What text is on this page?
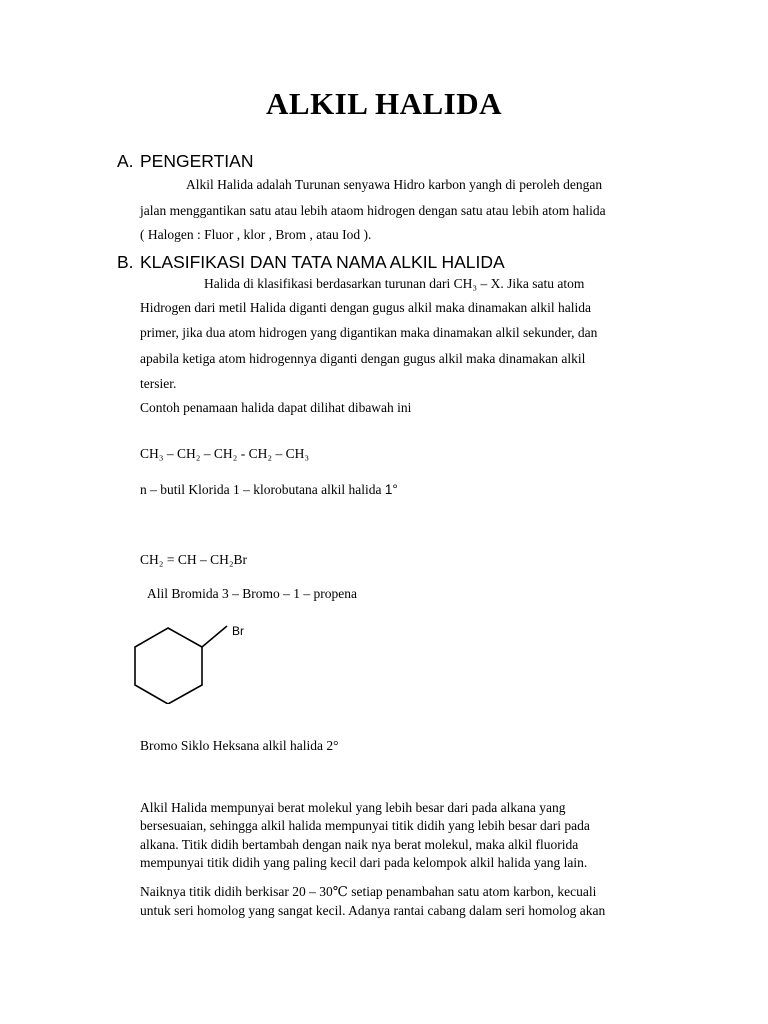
ALKIL HALIDA
A. PENGERTIAN
Alkil Halida adalah Turunan senyawa Hidro karbon yangh di peroleh dengan
jalan menggantikan satu atau lebih ataom hidrogen dengan satu atau lebih atom halida
( Halogen : Fluor , klor , Brom , atau Iod ).
B. KLASIFIKASI DAN TATA NAMA ALKIL HALIDA
Halida di klasifikasi berdasarkan turunan dari CH₃ – X. Jika satu atom
Hidrogen dari metil Halida diganti dengan gugus alkil maka dinamakan alkil halida
primer, jika dua atom hidrogen yang digantikan maka dinamakan alkil sekunder, dan
apabila ketiga atom hidrogennya diganti dengan gugus alkil maka dinamakan alkil
tersier.
Contoh penamaan halida dapat dilihat dibawah ini
CH₃ – CH₂ – CH₂ - CH₂ – CH₃
n – butil Klorida 1 – klorobutana alkil halida 1°
CH₂ = CH – CH₂Br
Alil Bromida 3 – Bromo – 1 – propena
Br
Bromo Siklo Heksana alkil halida 2°
Alkil Halida mempunyai berat molekul yang lebih besar dari pada alkana yang
bersesuaian, sehingga alkil halida mempunyai titik didih yang lebih besar dari pada
alkana. Titik didih bertambah dengan naik nya berat molekul, maka alkil fluorida
mempunyai titik didih yang paling kecil dari pada kelompok alkil halida yang lain.
Naiknya titik didih berkisar 20 – 30℃ setiap penambahan satu atom karbon, kecuali
untuk seri homolog yang sangat kecil. Adanya rantai cabang dalam seri homolog akan
